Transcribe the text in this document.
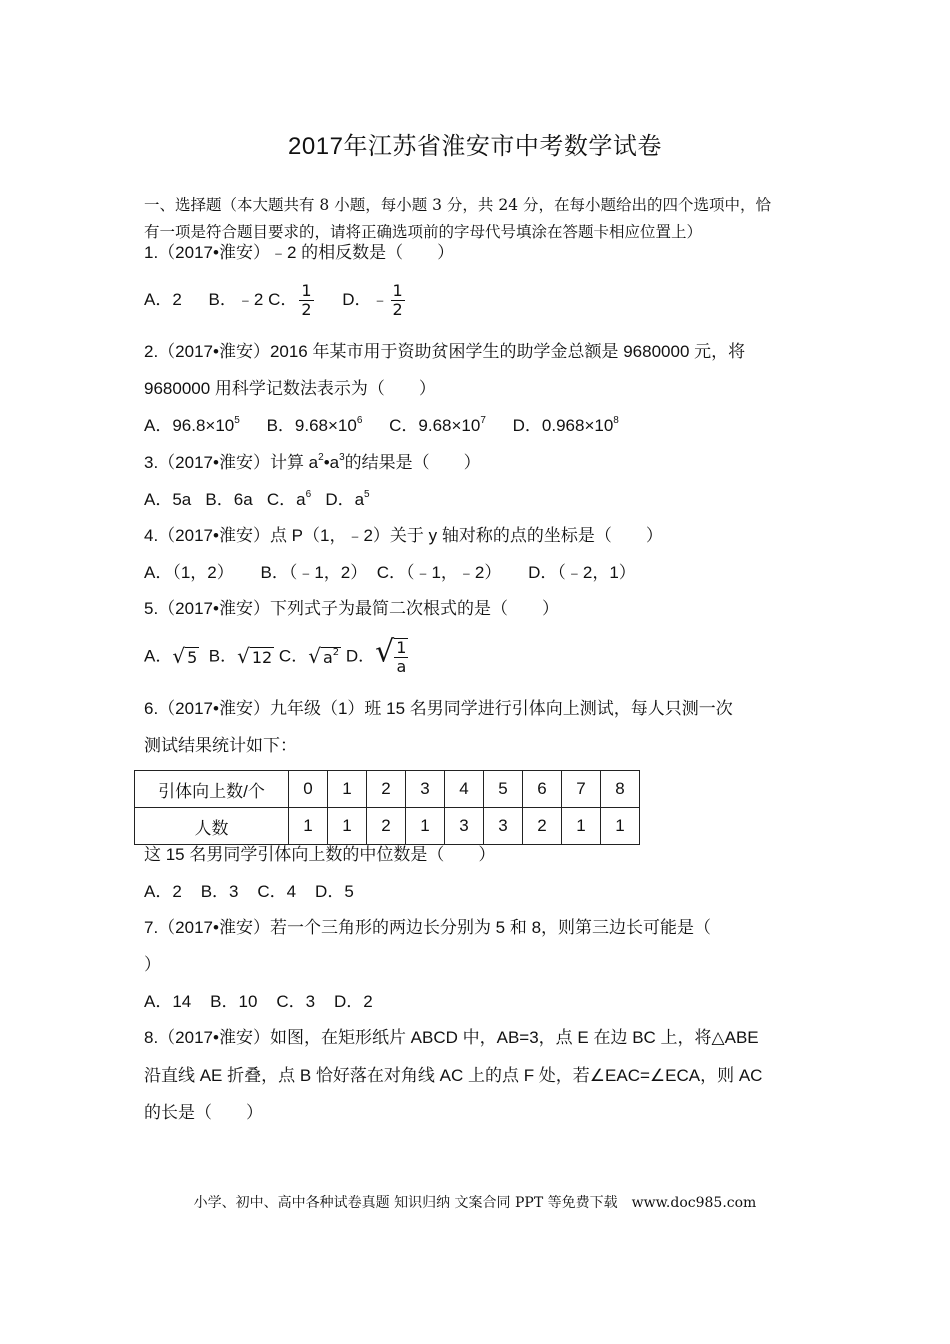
2017年江苏省淮安市中考数学试卷
一、选择题（本大题共有 8 小题，每小题 3 分，共 24 分，在每小题给出的四个选项中，恰
有一项是符合题目要求的，请将正确选项前的字母代号填涂在答题卡相应位置上）
1.（2017•淮安）﹣2 的相反数是（　　）
A．2 B．﹣2 C． $\frac{1}{2}$ D．﹣ $\frac{1}{2}$
2.（2017•淮安）2016 年某市用于资助贫困学生的助学金总额是 9680000 元，将
9680000 用科学记数法表示为（　　）
A．$96.8\times 10^5$ B．$9.68\times 10^6$ C．$9.68\times 10^7$ D．$0.968\times 10^8$
3.（2017•淮安）计算 $a^2•a^3$的结果是（　　）
A．5a B．6a C．$a^6$ D．$a^5$
4.（2017•淮安）点 P（1，﹣2）关于 y 轴对称的点的坐标是（　　）
A．（1，2） B．（﹣1，2） C．（﹣1，﹣2） D．（﹣2，1）
5.（2017•淮安）下列式子为最简二次根式的是（　　）
A．√ 5 B．√ 12 C．√ $a^2$ D．√ $\frac{1}{a}$
6.（2017•淮安）九年级（1）班 15 名男同学进行引体向上测试，每人只测一次
测试结果统计如下：
引体向上数/个	0	1	2	3	4	5	6	7	8
人数	1	1	2	1	3	3	2	1	1
这 15 名男同学引体向上数的中位数是（　　）
A．2 B．3 C．4 D．5
7.（2017•淮安）若一个三角形的两边长分别为 5 和 8，则第三边长可能是（
）
A．14 B．10 C．3 D．2
8.（2017•淮安）如图，在矩形纸片 ABCD 中，AB=3，点 E 在边 BC 上，将△ABE
沿直线 AE 折叠，点 B 恰好落在对角线 AC 上的点 F 处，若∠EAC=∠ECA，则 AC
的长是（　　）
小学、初中、高中各种试卷真题 知识归纳 文案合同 PPT 等免费下载　www.doc985.com
